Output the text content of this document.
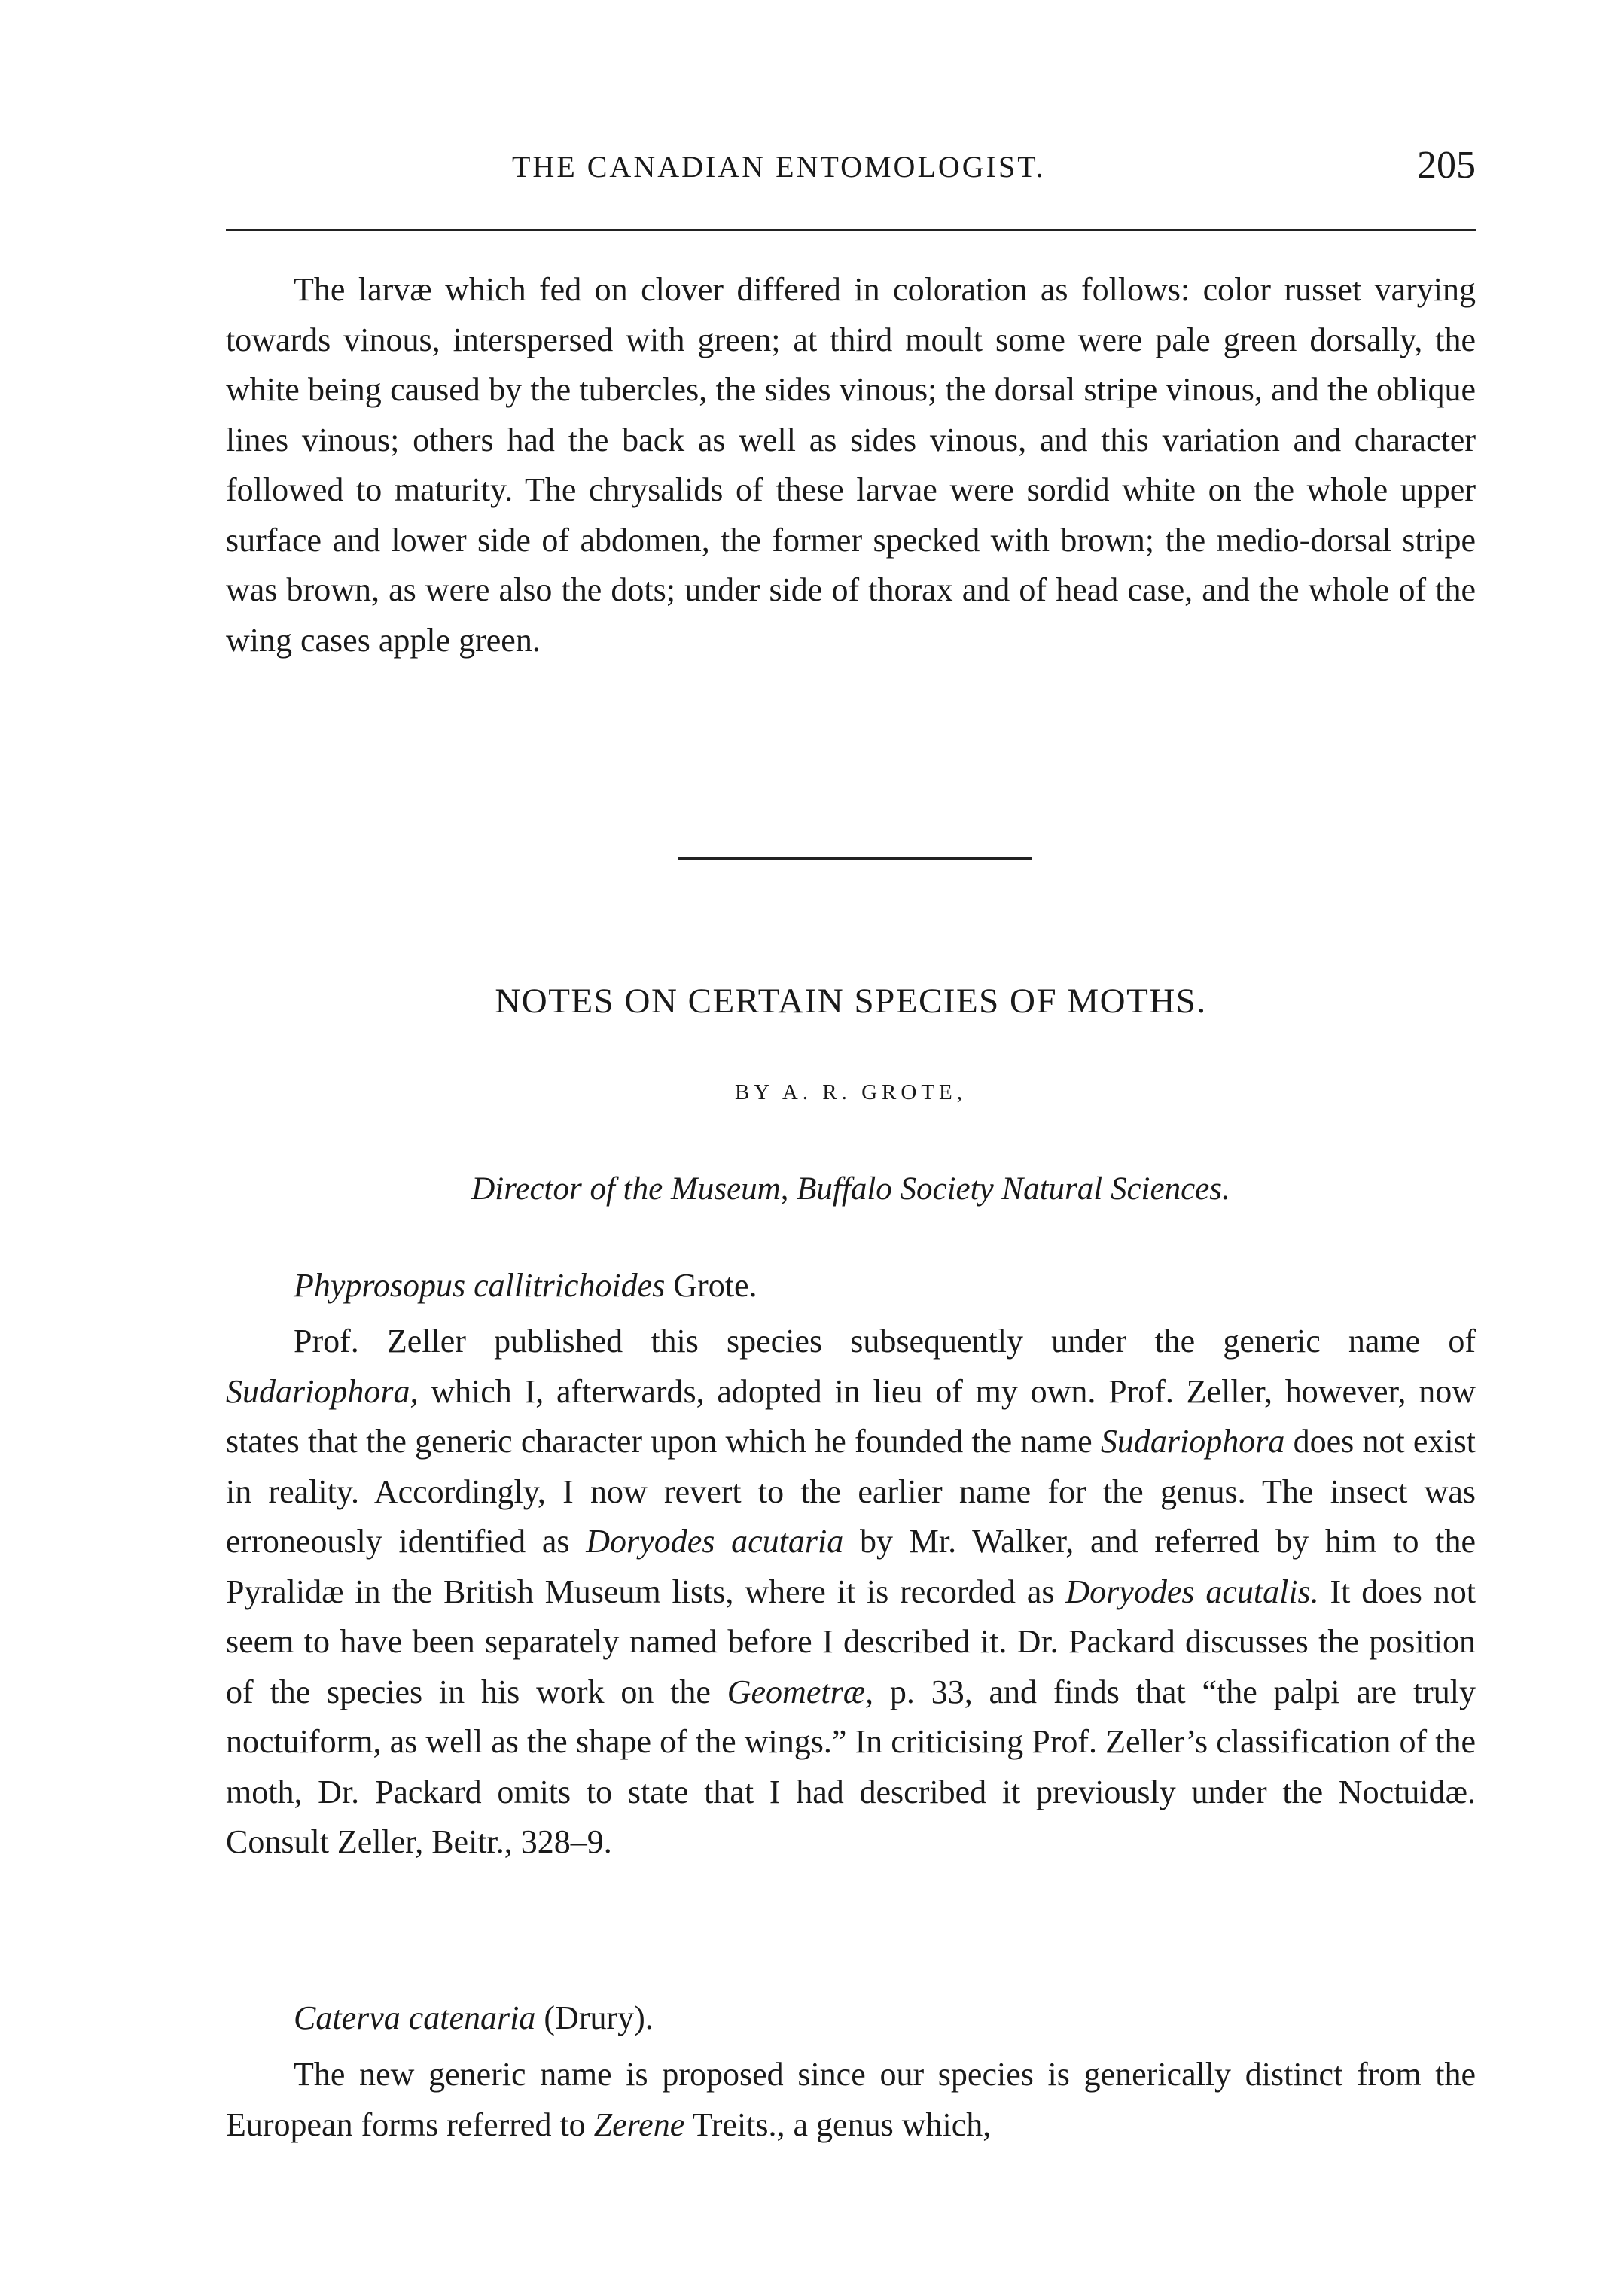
THE CANADIAN ENTOMOLOGIST.	205

The larvæ which fed on clover differed in coloration as follows: color russet varying towards vinous, interspersed with green; at third moult some were pale green dorsally, the white being caused by the tubercles, the sides vinous; the dorsal stripe vinous, and the oblique lines vinous; others had the back as well as sides vinous, and this variation and character followed to maturity. The chrysalids of these larvae were sordid white on the whole upper surface and lower side of abdomen, the former specked with brown; the medio-dorsal stripe was brown, as were also the dots; under side of thorax and of head case, and the whole of the wing cases apple green.

NOTES ON CERTAIN SPECIES OF MOTHS.
BY A. R. GROTE,
Director of the Museum, Buffalo Society Natural Sciences.
Phyprosopus callitrichoides Grote.

Prof. Zeller published this species subsequently under the generic name of Sudariophora, which I, afterwards, adopted in lieu of my own. Prof. Zeller, however, now states that the generic character upon which he founded the name Sudariophora does not exist in reality. Accordingly, I now revert to the earlier name for the genus. The insect was erroneously identified as Doryodes acutaria by Mr. Walker, and referred by him to the Pyralidæ in the British Museum lists, where it is recorded as Doryodes acutalis. It does not seem to have been separately named before I described it. Dr. Packard discusses the position of the species in his work on the Geometræ, p. 33, and finds that “the palpi are truly noctuiform, as well as the shape of the wings.” In criticising Prof. Zeller’s classification of the moth, Dr. Packard omits to state that I had described it previously under the Noctuidæ. Consult Zeller, Beitr., 328–9.

Caterva catenaria (Drury).

The new generic name is proposed since our species is generically distinct from the European forms referred to Zerene Treits., a genus which,
